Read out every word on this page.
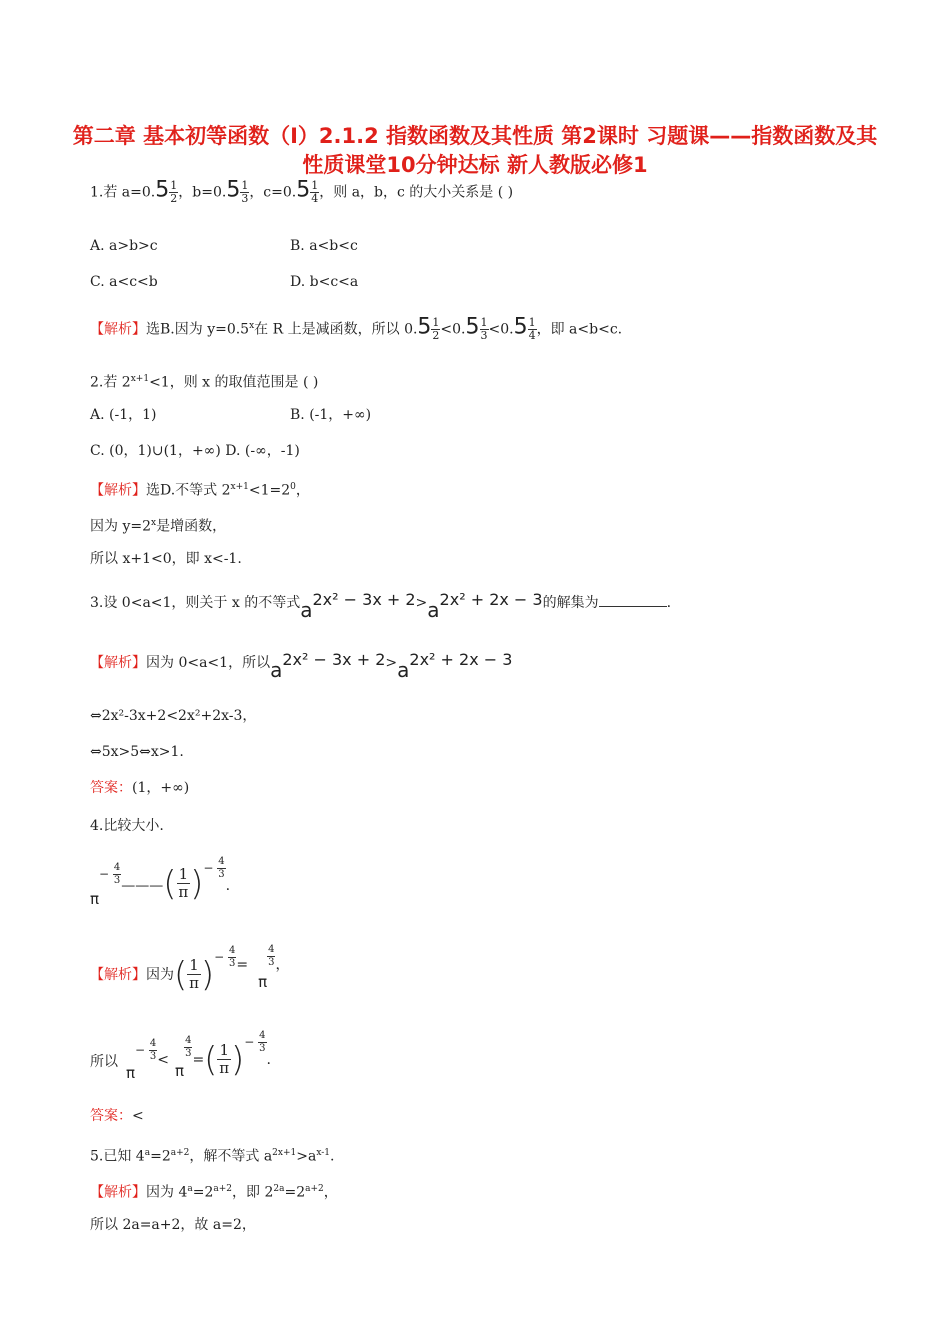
第二章 基本初等函数（I）2.1.2 指数函数及其性质 第2课时 习题课——指数函数及其性质课堂10分钟达标 新人教版必修1
1.若 $a=0.5 \frac{1}{2}$ ，$b=0.5 \frac{1}{3}$ ，$c=0.5 \frac{1}{4}$ ，则 a，b，c 的大小关系是 ( )
A. a>b>c	B. a<b<c
C. a<c<b	D. b<c<a
【解析】选B.因为 $y=0.5^x$在 R 上是减函数，所以 $0.5 \frac{1}{2} <0.5 \frac{1}{3} <0.5 \frac{1}{4}$ ，即 a<b<c.
2.若 $2^{x+1}<1$，则 x 的取值范围是 ( )
A. (-1，1)	B. (-1，+∞)
C. (0，1)∪(1，+∞) D. (-∞，-1)
【解析】选D.不等式 $2^{x+1}<1=2^0$，
因为 $y=2^x$是增函数，
所以 x+1<0，即 x<-1.
3.设 0<a<1，则关于 x 的不等式a2x² − 3x + 2>a2x² + 2x − 3的解集为	.
【解析】因为 0<a<1，所以a2x² − 3x + 2>a2x² + 2x − 3
⇔2x²-3x+2<2x²+2x-3，
⇔5x>5⇔x>1.
答案：(1，+∞)
4.比较大小.
$\pi- \frac{4}{3}$ ———( $\frac{1}{\pi})- \frac{4}{3}$
.
【解析】因为( $\frac{1}{\pi})- \frac{4}{3} =\pi$
$\frac{4}{3}$ ，
所以$\pi- \frac{4}{3} <\pi$
$\frac{4}{3}$ =( $\frac{1}{\pi})- \frac{4}{3}$
.
答案：<
5.已知 $4^a=2^{a+2}$，解不等式 $a^{2x+1}>a^{x-1}$.
【解析】因为 $4^a=2^{a+2}$，即 $2^{2a}=2^{a+2}$，
所以 2a=a+2，故 a=2，
